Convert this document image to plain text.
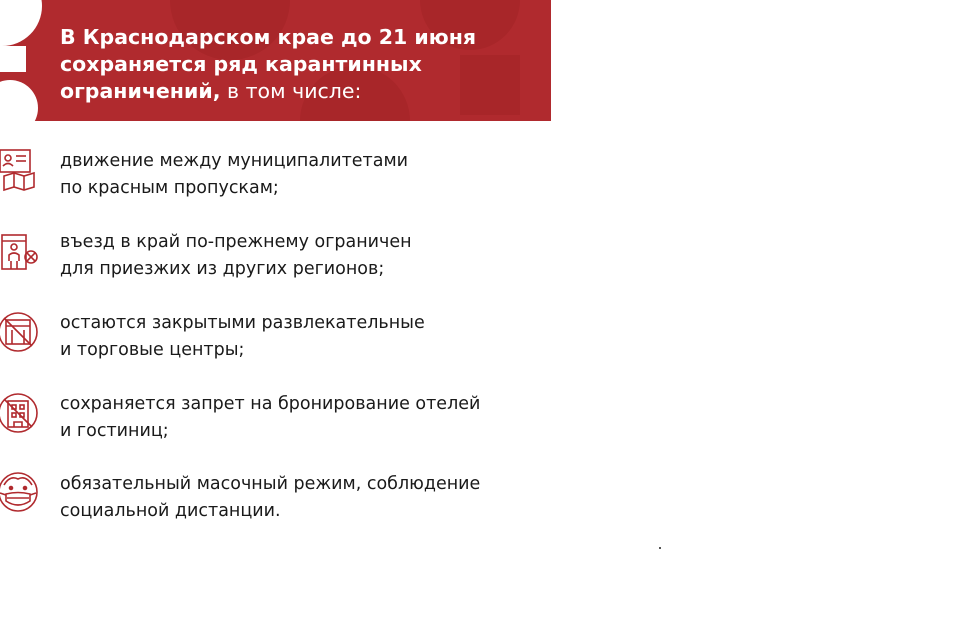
В Краснодарском крае до 21 июня
сохраняется ряд карантинных
ограничений, в том числе:
движение между муниципалитетами
по красным пропускам;
въезд в край по-прежнему ограничен
для приезжих из других регионов;
остаются закрытыми развлекательные
и торговые центры;
сохраняется запрет на бронирование отелей
и гостиниц;
обязательный масочный режим, соблюдение
социальной дистанции.
